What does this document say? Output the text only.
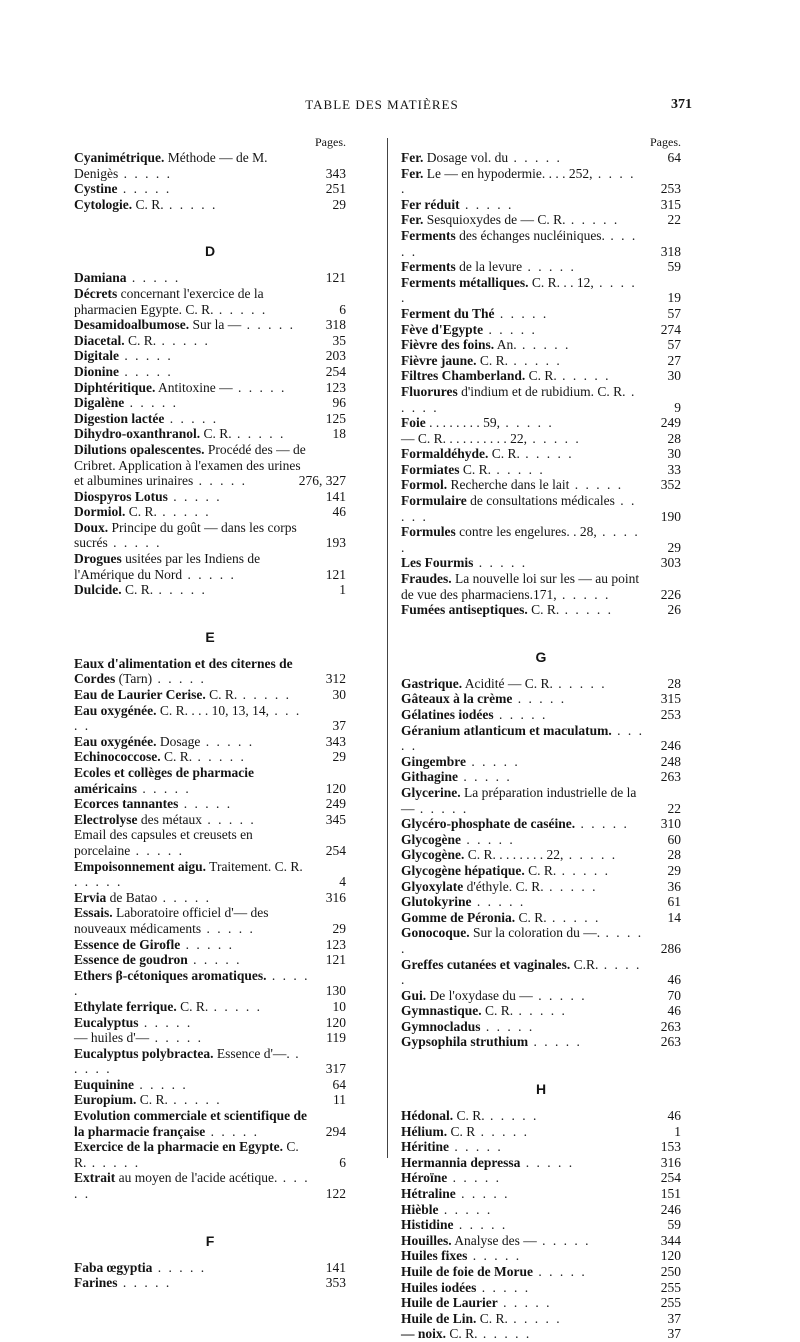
TABLE DES MATIÈRES	371
Pages.
Cyanimétrique. Méthode — de M. Denigès . . . . .	343
Cystine . . . . .	251
Cytologie. C. R. . . . . .	29
D
Damiana . . . . .	121
Décrets concernant l'exercice de la pharmacien Egypte. C. R. . . . . .	6
Desamidoalbumose. Sur la — . . . . . 318
Diacetal. C. R. . . . . .	35
Digitale . . . . .	203
Dionine . . . . .	254
Diphtéritique. Antitoxine — . . . . .	123
Digalène . . . . .	96
Digestion lactée . . . . .	125
Dihydro-oxanthranol. C. R. . . . . .	18
Dilutions opalescentes. Procédé des — de Cribret. Application à l'examen des urines et albumines urinaires . . . . .	276, 327
Diospyros Lotus . . . . .	141
Dormiol. C. R. . . . . .	46
Doux. Principe du goût — dans les corps sucrés . . . . .	193
Drogues usitées par les Indiens de l'Amérique du Nord . . . . .	121
Dulcide. C. R. . . . . .	1
E
Eaux d'alimentation et des citernes de Cordes (Tarn) . . . . .	312
Eau de Laurier Cerise. C. R. . . . . .	30
Eau oxygénée. C. R. . . . 10, 13, 14, . . . . .	37
Eau oxygénée. Dosage . . . . .	343
Echinococcose. C. R. . . . . .	29
Ecoles et collèges de pharmacie américains . . . . .	120
Ecorces tannantes . . . . .	249
Electrolyse des métaux . . . . .	345
Email des capsules et creusets en porcelaine . . . . .	254
Empoisonnement aigu. Traitement. C. R. . . . . .	4
Ervia de Batao . . . . .	316
Essais. Laboratoire officiel d'— des nouveaux médicaments . . . . .	29
Essence de Girofle . . . . .	123
Essence de goudron . . . . .	121
Ethers β-cétoniques aromatiques. . . . . .	130
Ethylate ferrique. C. R. . . . . .	10
Eucalyptus . . . . .	120
— huiles d'— . . . . .	119
Eucalyptus polybractea. Essence d'—. . . . . .	317
Euquinine . . . . .	64
Europium. C. R. . . . . .	11
Evolution commerciale et scientifique de la pharmacie française . . . . .	294
Exercice de la pharmacie en Egypte. C. R. . . . . .	6
Extrait au moyen de l'acide acétique. . . . . .	122
F
Faba œgyptia . . . . .	141
Farines . . . . .	353
Pages.
Fer. Dosage vol. du . . . . .	64
Fer. Le — en hypodermie. . . . 252, . . . . .	253
Fer réduit . . . . .	315
Fer. Sesquioxydes de — C. R. . . . . .	22
Ferments des échanges nucléiniques. . . . . .	318
Ferments de la levure . . . . .	59
Ferments métalliques. C. R. . . 12, . . . . .	19
Ferment du Thé . . . . .	57
Fève d'Egypte . . . . .	274
Fièvre des foins. An. . . . . .	57
Fièvre jaune. C. R. . . . . .	27
Filtres Chamberland. C. R. . . . . .	30
Fluorures d'indium et de rubidium. C. R. . . . . .	9
Foie . . . . . . . . 59, . . . . .	249
— C. R. . . . . . . . . . 22, . . . . .	28
Formaldéhyde. C. R. . . . . .	30
Formiates C. R. . . . . .	33
Formol. Recherche dans le lait . . . . .	352
Formulaire de consultations médicales . . . . .	190
Formules contre les engelures. . 28, . . . . .	29
Les Fourmis . . . . .	303
Fraudes. La nouvelle loi sur les — au point de vue des pharmaciens.171, . . . . .	226
Fumées antiseptiques. C. R. . . . . .	26
G
Gastrique. Acidité — C. R. . . . . .	28
Gâteaux à la crème . . . . .	315
Gélatines iodées . . . . .	253
Géranium atlanticum et maculatum. . . . . .	246
Gingembre . . . . .	248
Githagine . . . . .	263
Glycerine. La préparation industrielle de la — . . . . .	22
Glycéro-phosphate de caséine. . . . . . 310
Glycogène . . . . .	60
Glycogène. C. R. . . . . . . . 22, . . . . .	28
Glycogène hépatique. C. R. . . . . .	29
Glyoxylate d'éthyle. C. R. . . . . .	36
Glutokyrine . . . . .	61
Gomme de Péronia. C. R. . . . . .	14
Gonocoque. Sur la coloration du —. . . . . .	286
Greffes cutanées et vaginales. C.R. . . . . .	46
Gui. De l'oxydase du — . . . . .	70
Gymnastique. C. R. . . . . .	46
Gymnocladus . . . . .	263
Gypsophila struthium . . . . .	263
H
Hédonal. C. R. . . . . .	46
Hélium. C. R . . . . .	1
Héritine . . . . .	153
Hermannia depressa . . . . .	316
Héroïne . . . . .	254
Hétraline . . . . .	151
Hièble . . . . .	246
Histidine . . . . .	59
Houilles. Analyse des — . . . . .	344
Huiles fixes . . . . .	120
Huile de foie de Morue . . . . .	250
Huiles iodées . . . . .	255
Huile de Laurier . . . . .	255
Huile de Lin. C. R. . . . . .	37
— noix. C. R. . . . . .	37
